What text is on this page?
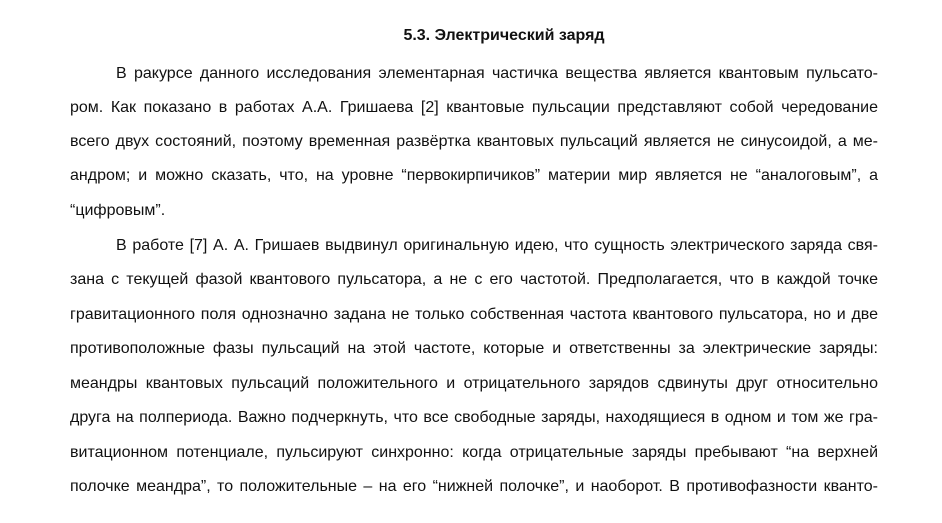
5.3. Электрический заряд
В ракурсе данного исследования элементарная частичка вещества является квантовым пульсато-
ром. Как показано в работах А.А. Гришаева [2] квантовые пульсации представляют собой чередование
всего двух состояний, поэтому временная развёртка квантовых пульсаций является не синусоидой, а ме-
андром; и можно сказать, что, на уровне “первокирпичиков” материи мир является не “аналоговым”, а
“цифровым”.
В работе [7] А. А. Гришаев выдвинул оригинальную идею, что сущность электрического заряда свя-
зана с текущей фазой квантового пульсатора, а не с его частотой. Предполагается, что в каждой точке
гравитационного поля однозначно задана не только собственная частота квантового пульсатора, но и две
противоположные фазы пульсаций на этой частоте, которые и ответственны за электрические заряды:
меандры квантовых пульсаций положительного и отрицательного зарядов сдвинуты друг относительно
друга на полпериода. Важно подчеркнуть, что все свободные заряды, находящиеся в одном и том же гра-
витационном потенциале, пульсируют синхронно: когда отрицательные заряды пребывают “на верхней
полочке меандра”, то положительные – на его “нижней полочке”, и наоборот. В противофазности кванто-
